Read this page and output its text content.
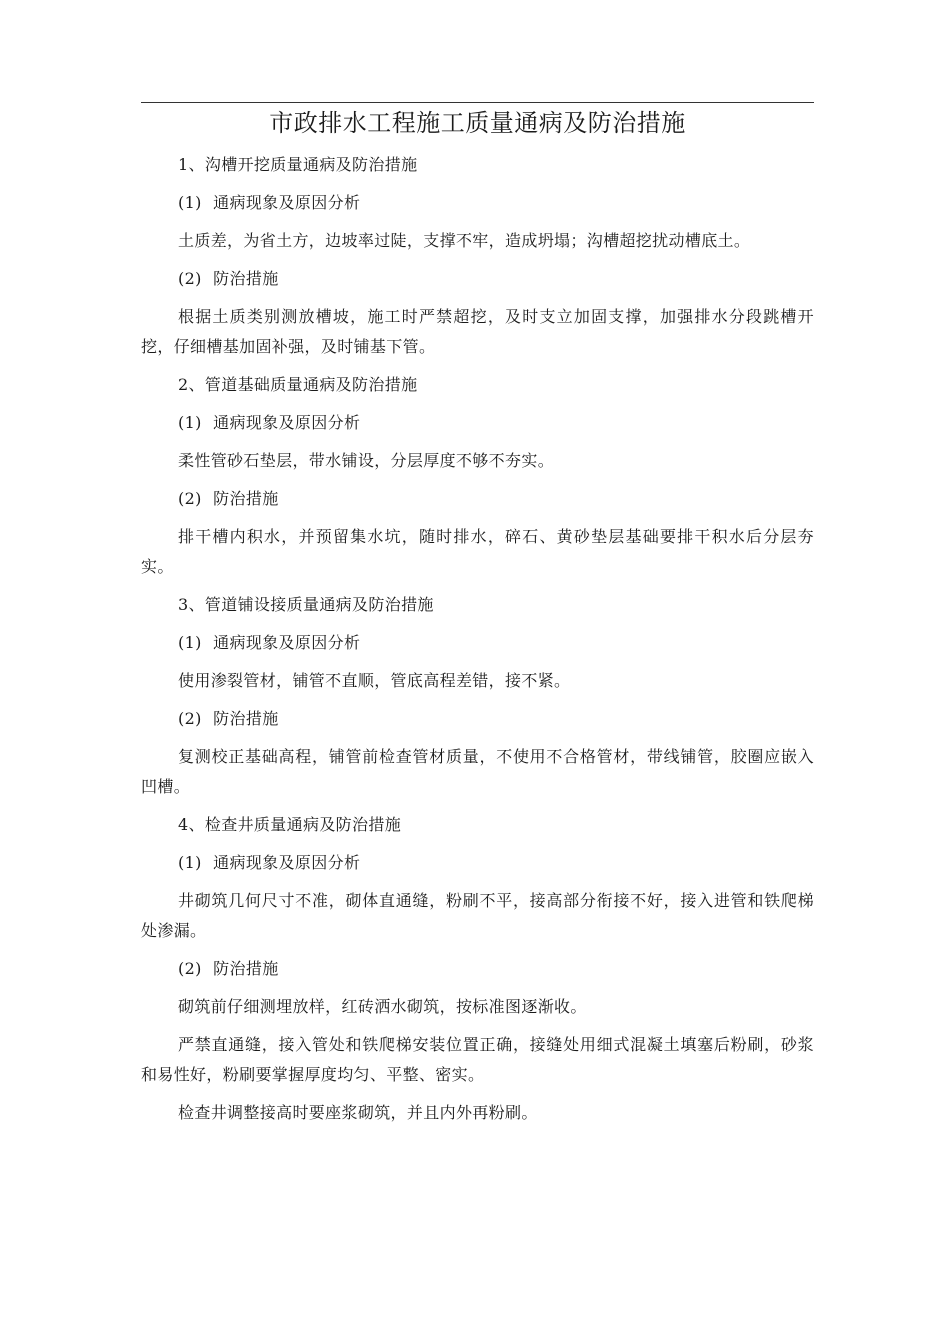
市政排水工程施工质量通病及防治措施

1、沟槽开挖质量通病及防治措施

(1) 通病现象及原因分析

土质差，为省土方，边坡率过陡，支撑不牢，造成坍塌；沟槽超挖扰动槽底土。

(2) 防治措施

根据土质类别测放槽坡，施工时严禁超挖，及时支立加固支撑，加强排水分段跳槽开挖，仔细槽基加固补强，及时铺基下管。

2、管道基础质量通病及防治措施

(1) 通病现象及原因分析

柔性管砂石垫层，带水铺设，分层厚度不够不夯实。

(2) 防治措施

排干槽内积水，并预留集水坑，随时排水，碎石、黄砂垫层基础要排干积水后分层夯实。

3、管道铺设接质量通病及防治措施

(1) 通病现象及原因分析

使用渗裂管材，铺管不直顺，管底高程差错，接不紧。

(2) 防治措施

复测校正基础高程，铺管前检查管材质量，不使用不合格管材，带线铺管，胶圈应嵌入凹槽。

4、检查井质量通病及防治措施

(1) 通病现象及原因分析

井砌筑几何尺寸不准，砌体直通缝，粉刷不平，接高部分衔接不好，接入进管和铁爬梯处渗漏。

(2) 防治措施

砌筑前仔细测埋放样，红砖洒水砌筑，按标准图逐渐收。

严禁直通缝，接入管处和铁爬梯安装位置正确，接缝处用细式混凝土填塞后粉刷，砂浆和易性好，粉刷要掌握厚度均匀、平整、密实。

检查井调整接高时要座浆砌筑，并且内外再粉刷。
